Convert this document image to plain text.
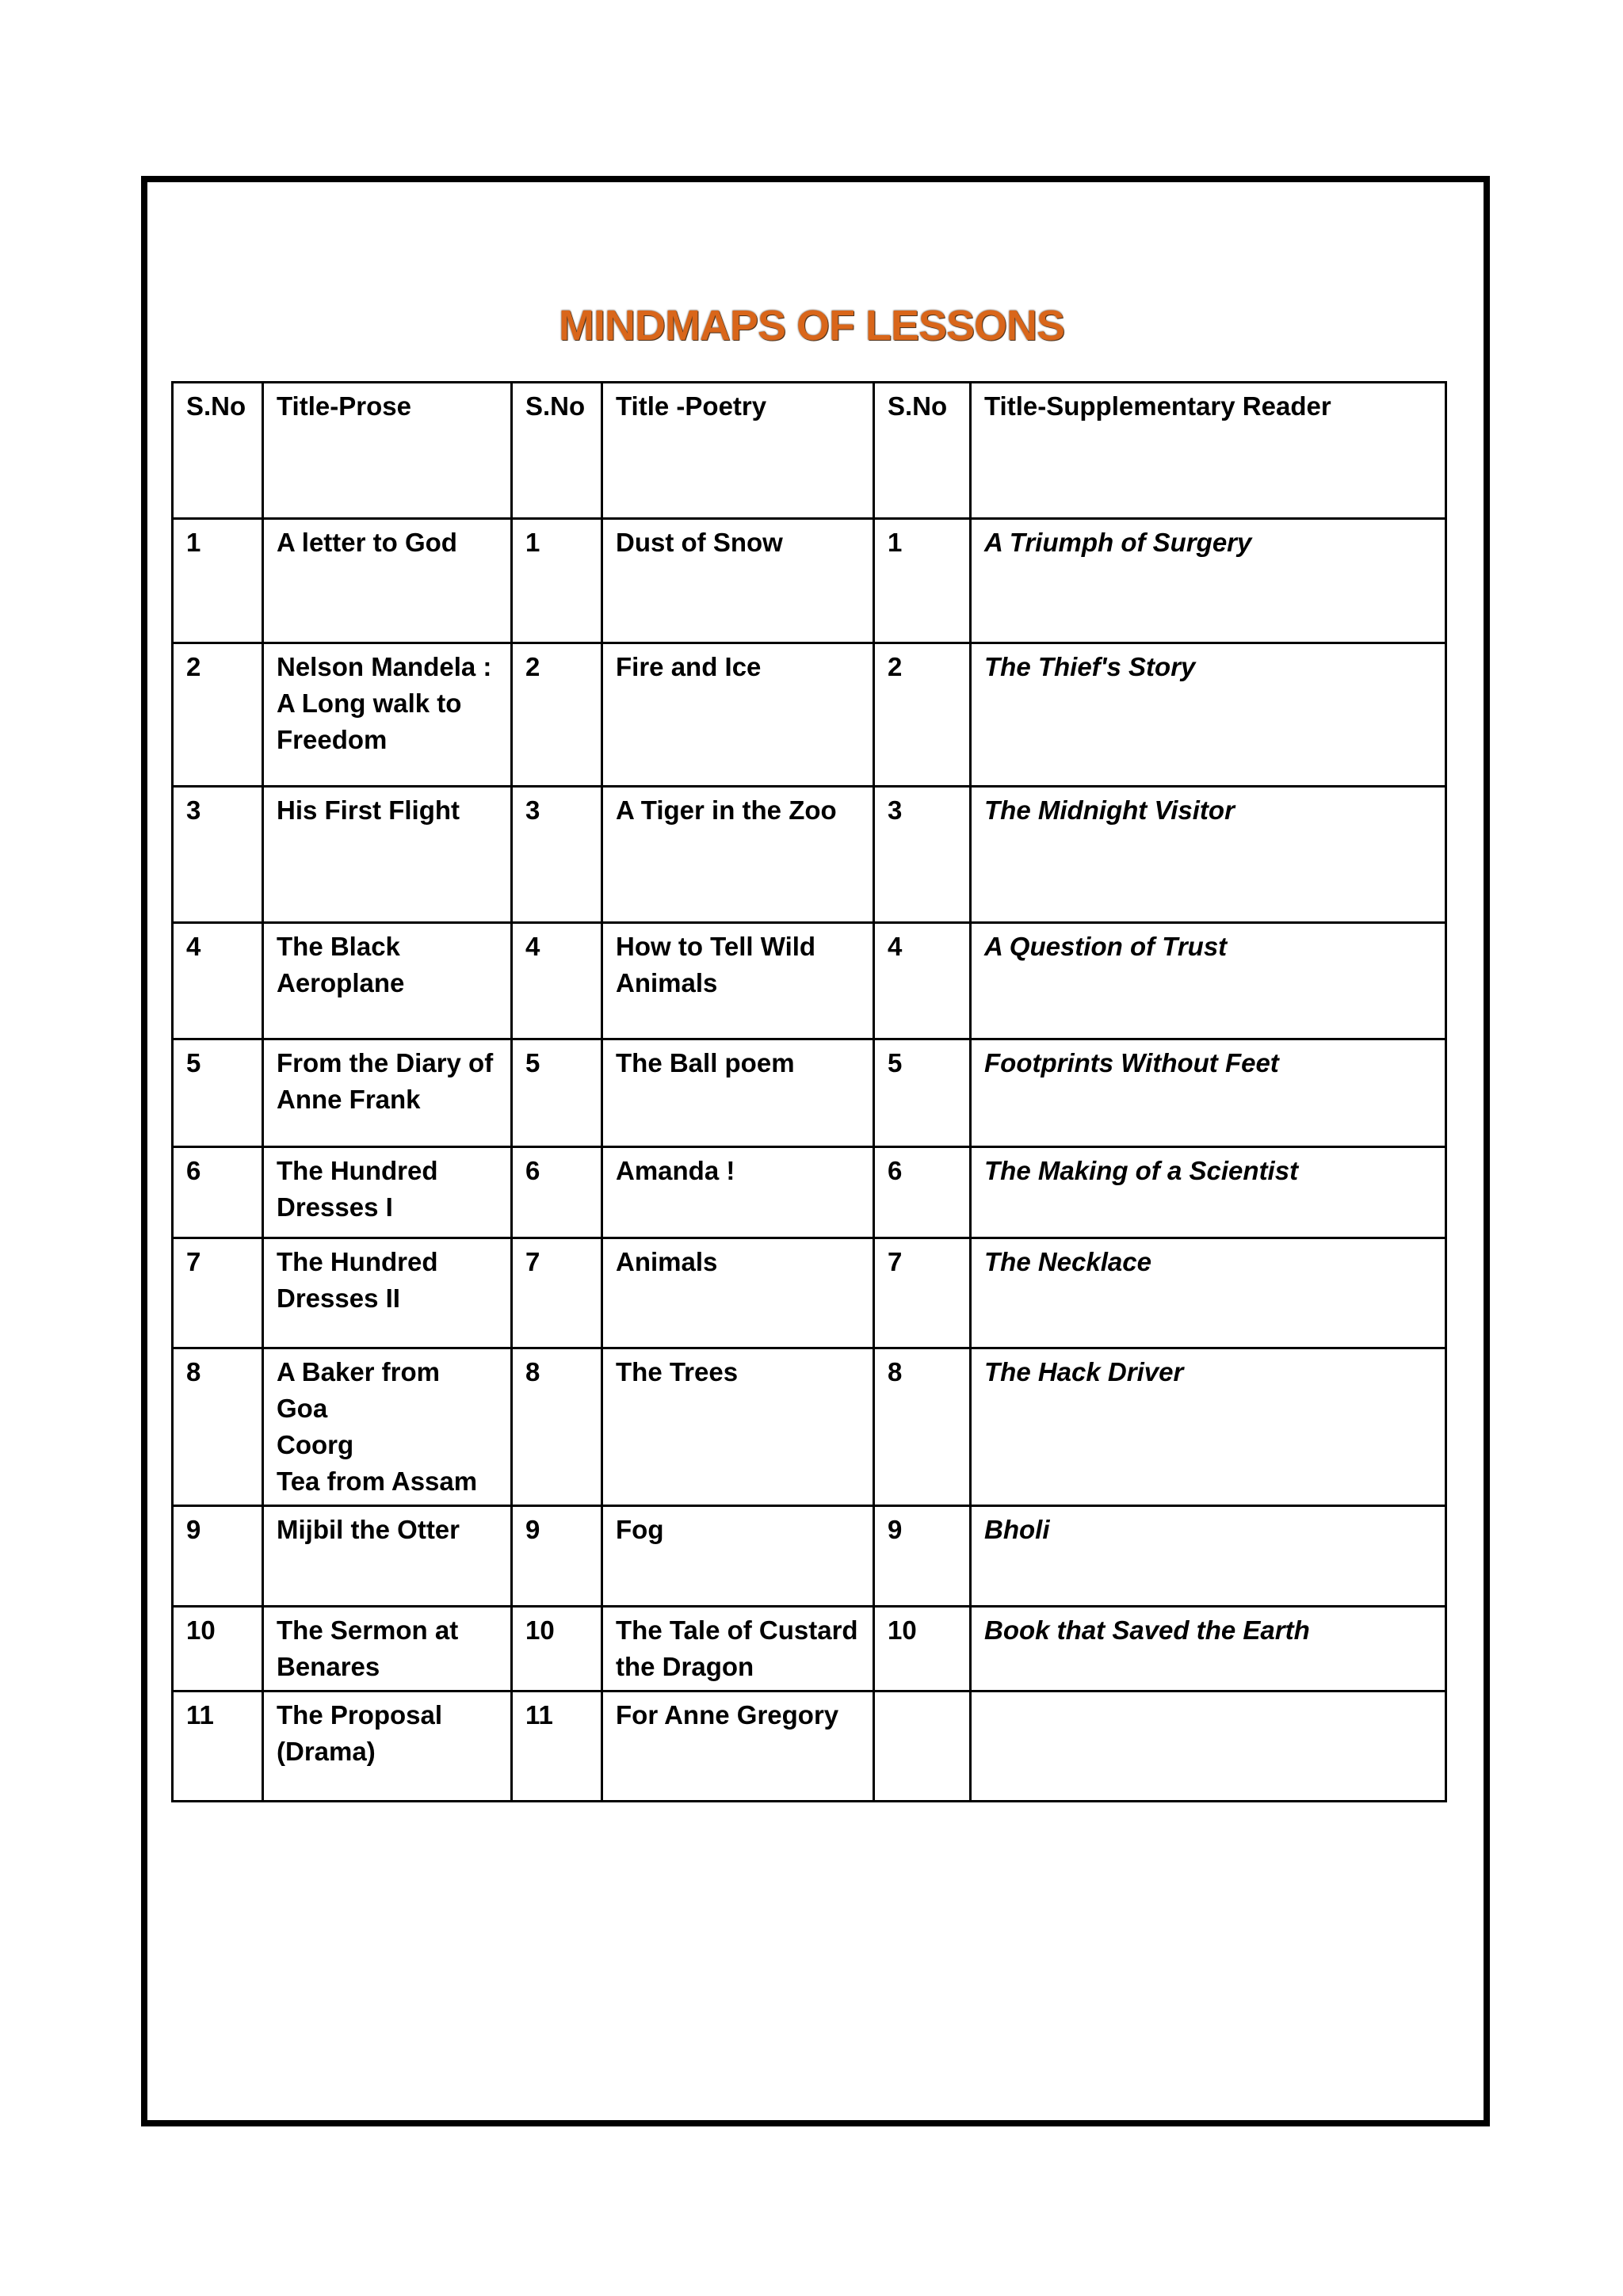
MINDMAPS OF LESSONS
S.No	Title-Prose	S.No	Title -Poetry	S.No	Title-Supplementary Reader
1	A letter to God	1	Dust of Snow	1	A Triumph of Surgery
2	Nelson Mandela : A Long walk to Freedom	2	Fire and Ice	2	The Thief's Story
3	His First Flight	3	A Tiger in the Zoo	3	The Midnight Visitor
4	The Black Aeroplane	4	How to Tell Wild Animals	4	A Question of Trust
5	From the Diary of Anne Frank	5	The Ball poem	5	Footprints Without Feet
6	The Hundred Dresses I	6	Amanda !	6	The Making of a Scientist
7	The Hundred Dresses II	7	Animals	7	The Necklace
8	A Baker from Goa
Coorg
Tea from Assam	8	The Trees	8	The Hack Driver
9	Mijbil the Otter	9	Fog	9	Bholi
10	The Sermon at Benares	10	The Tale of Custard the Dragon	10	Book that Saved the Earth
11	The Proposal (Drama)	11	For Anne Gregory		
